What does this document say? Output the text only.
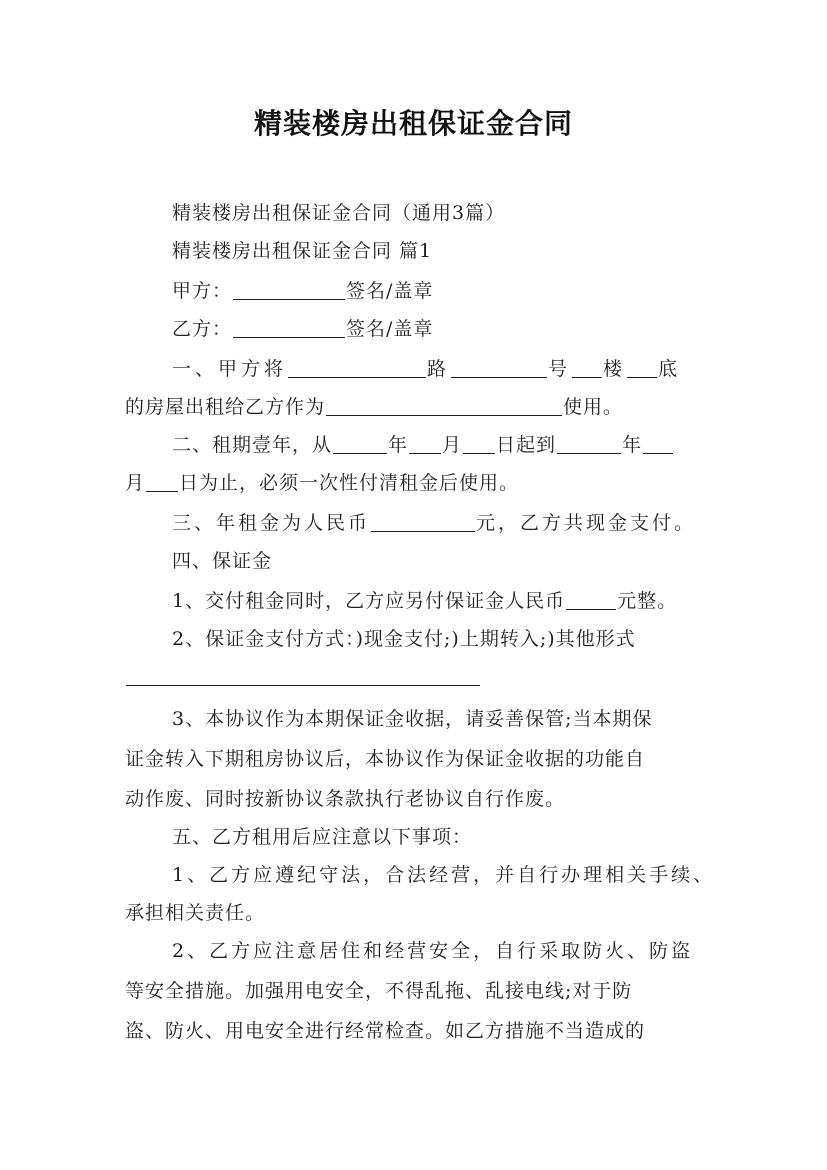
精装楼房出租保证金合同
精装楼房出租保证金合同（通用3篇）
精装楼房出租保证金合同 篇1
甲方：	签名/盖章
乙方：	签名/盖章
一、甲方将	路	号 楼 底
的房屋出租给乙方作为	使用。
二、租期壹年，从	年 月 日起到	年
月 日为止，必须一次性付清租金后使用。
三、年租金为人民币	元，乙方共现金支付。
四、保证金
1、交付租金同时，乙方应另付保证金人民币	元整。
2、保证金支付方式：)现金支付;)上期转入;)其他形式
3、本协议作为本期保证金收据，请妥善保管;当本期保
证金转入下期租房协议后，本协议作为保证金收据的功能自
动作废、同时按新协议条款执行老协议自行作废。
五、乙方租用后应注意以下事项：
1、乙方应遵纪守法，合法经营，并自行办理相关手续、
承担相关责任。
2、乙方应注意居住和经营安全，自行采取防火、防盗
等安全措施。加强用电安全，不得乱拖、乱接电线;对于防
盗、防火、用电安全进行经常检查。如乙方措施不当造成的
